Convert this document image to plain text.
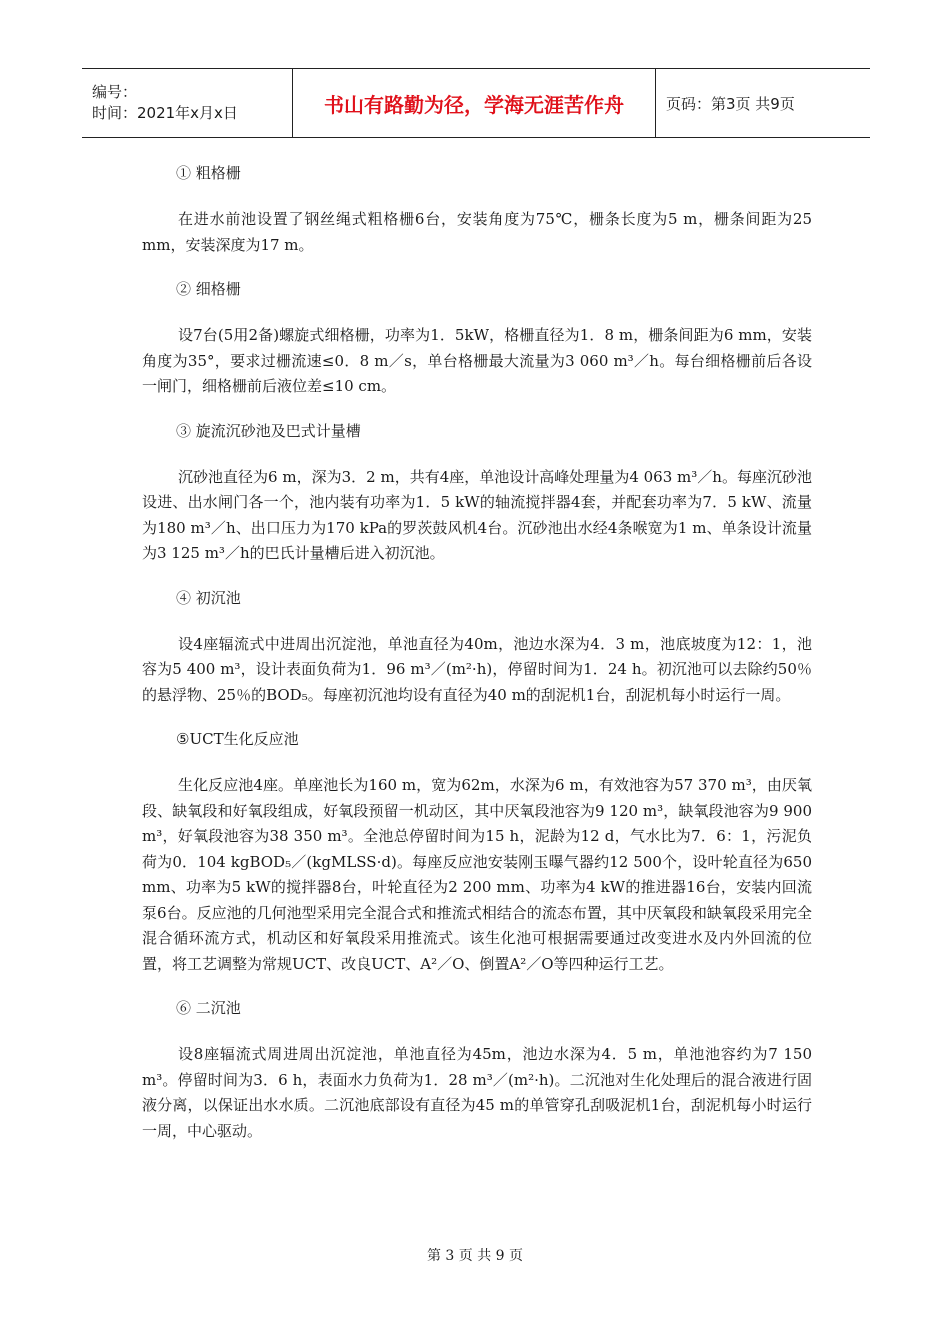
编号：
时间：2021年x月x日	书山有路勤为径，学海无涯苦作舟	页码：第3页 共9页
① 粗格栅
在进水前池设置了钢丝绳式粗格栅6台，安装角度为75℃，栅条长度为5 m，栅条间距为25 mm，安装深度为17 m。
② 细格栅
设7台(5用2备)螺旋式细格栅，功率为1．5kW，格栅直径为1．8 m，栅条间距为6 mm，安装角度为35°，要求过栅流速≤0．8 m／s，单台格栅最大流量为3 060 m³／h。每台细格栅前后各设一闸门，细格栅前后液位差≤10 cm。
③ 旋流沉砂池及巴式计量槽
沉砂池直径为6 m，深为3．2 m，共有4座，单池设计高峰处理量为4 063 m³／h。每座沉砂池设进、出水闸门各一个，池内装有功率为1．5 kW的轴流搅拌器4套，并配套功率为7．5 kW、流量为180 m³／h、出口压力为170 kPa的罗茨鼓风机4台。沉砂池出水经4条喉宽为1 m、单条设计流量为3 125 m³／h的巴氏计量槽后进入初沉池。
④ 初沉池
设4座辐流式中进周出沉淀池，单池直径为40m，池边水深为4．3 m，池底坡度为12：1，池容为5 400 m³，设计表面负荷为1．96 m³／(m²·h)，停留时间为1．24 h。初沉池可以去除约50％的悬浮物、25％的BOD₅。每座初沉池均设有直径为40 m的刮泥机1台，刮泥机每小时运行一周。
⑤UCT生化反应池
生化反应池4座。单座池长为160 m，宽为62m，水深为6 m，有效池容为57 370 m³，由厌氧段、缺氧段和好氧段组成，好氧段预留一机动区，其中厌氧段池容为9 120 m³，缺氧段池容为9 900 m³，好氧段池容为38 350 m³。全池总停留时间为15 h，泥龄为12 d，气水比为7．6：1，污泥负荷为0．104 kgBOD₅／(kgMLSS·d)。每座反应池安装刚玉曝气器约12 500个，设叶轮直径为650 mm、功率为5 kW的搅拌器8台，叶轮直径为2 200 mm、功率为4 kW的推进器16台，安装内回流泵6台。反应池的几何池型采用完全混合式和推流式相结合的流态布置，其中厌氧段和缺氧段采用完全混合循环流方式，机动区和好氧段采用推流式。该生化池可根据需要通过改变进水及内外回流的位置，将工艺调整为常规UCT、改良UCT、A²／O、倒置A²／O等四种运行工艺。
⑥ 二沉池
设8座辐流式周进周出沉淀池，单池直径为45m，池边水深为4．5 m，单池池容约为7 150 m³。停留时间为3．6 h，表面水力负荷为1．28 m³／(m²·h)。二沉池对生化处理后的混合液进行固液分离，以保证出水水质。二沉池底部设有直径为45 m的单管穿孔刮吸泥机1台，刮泥机每小时运行一周，中心驱动。
第 3 页 共 9 页
